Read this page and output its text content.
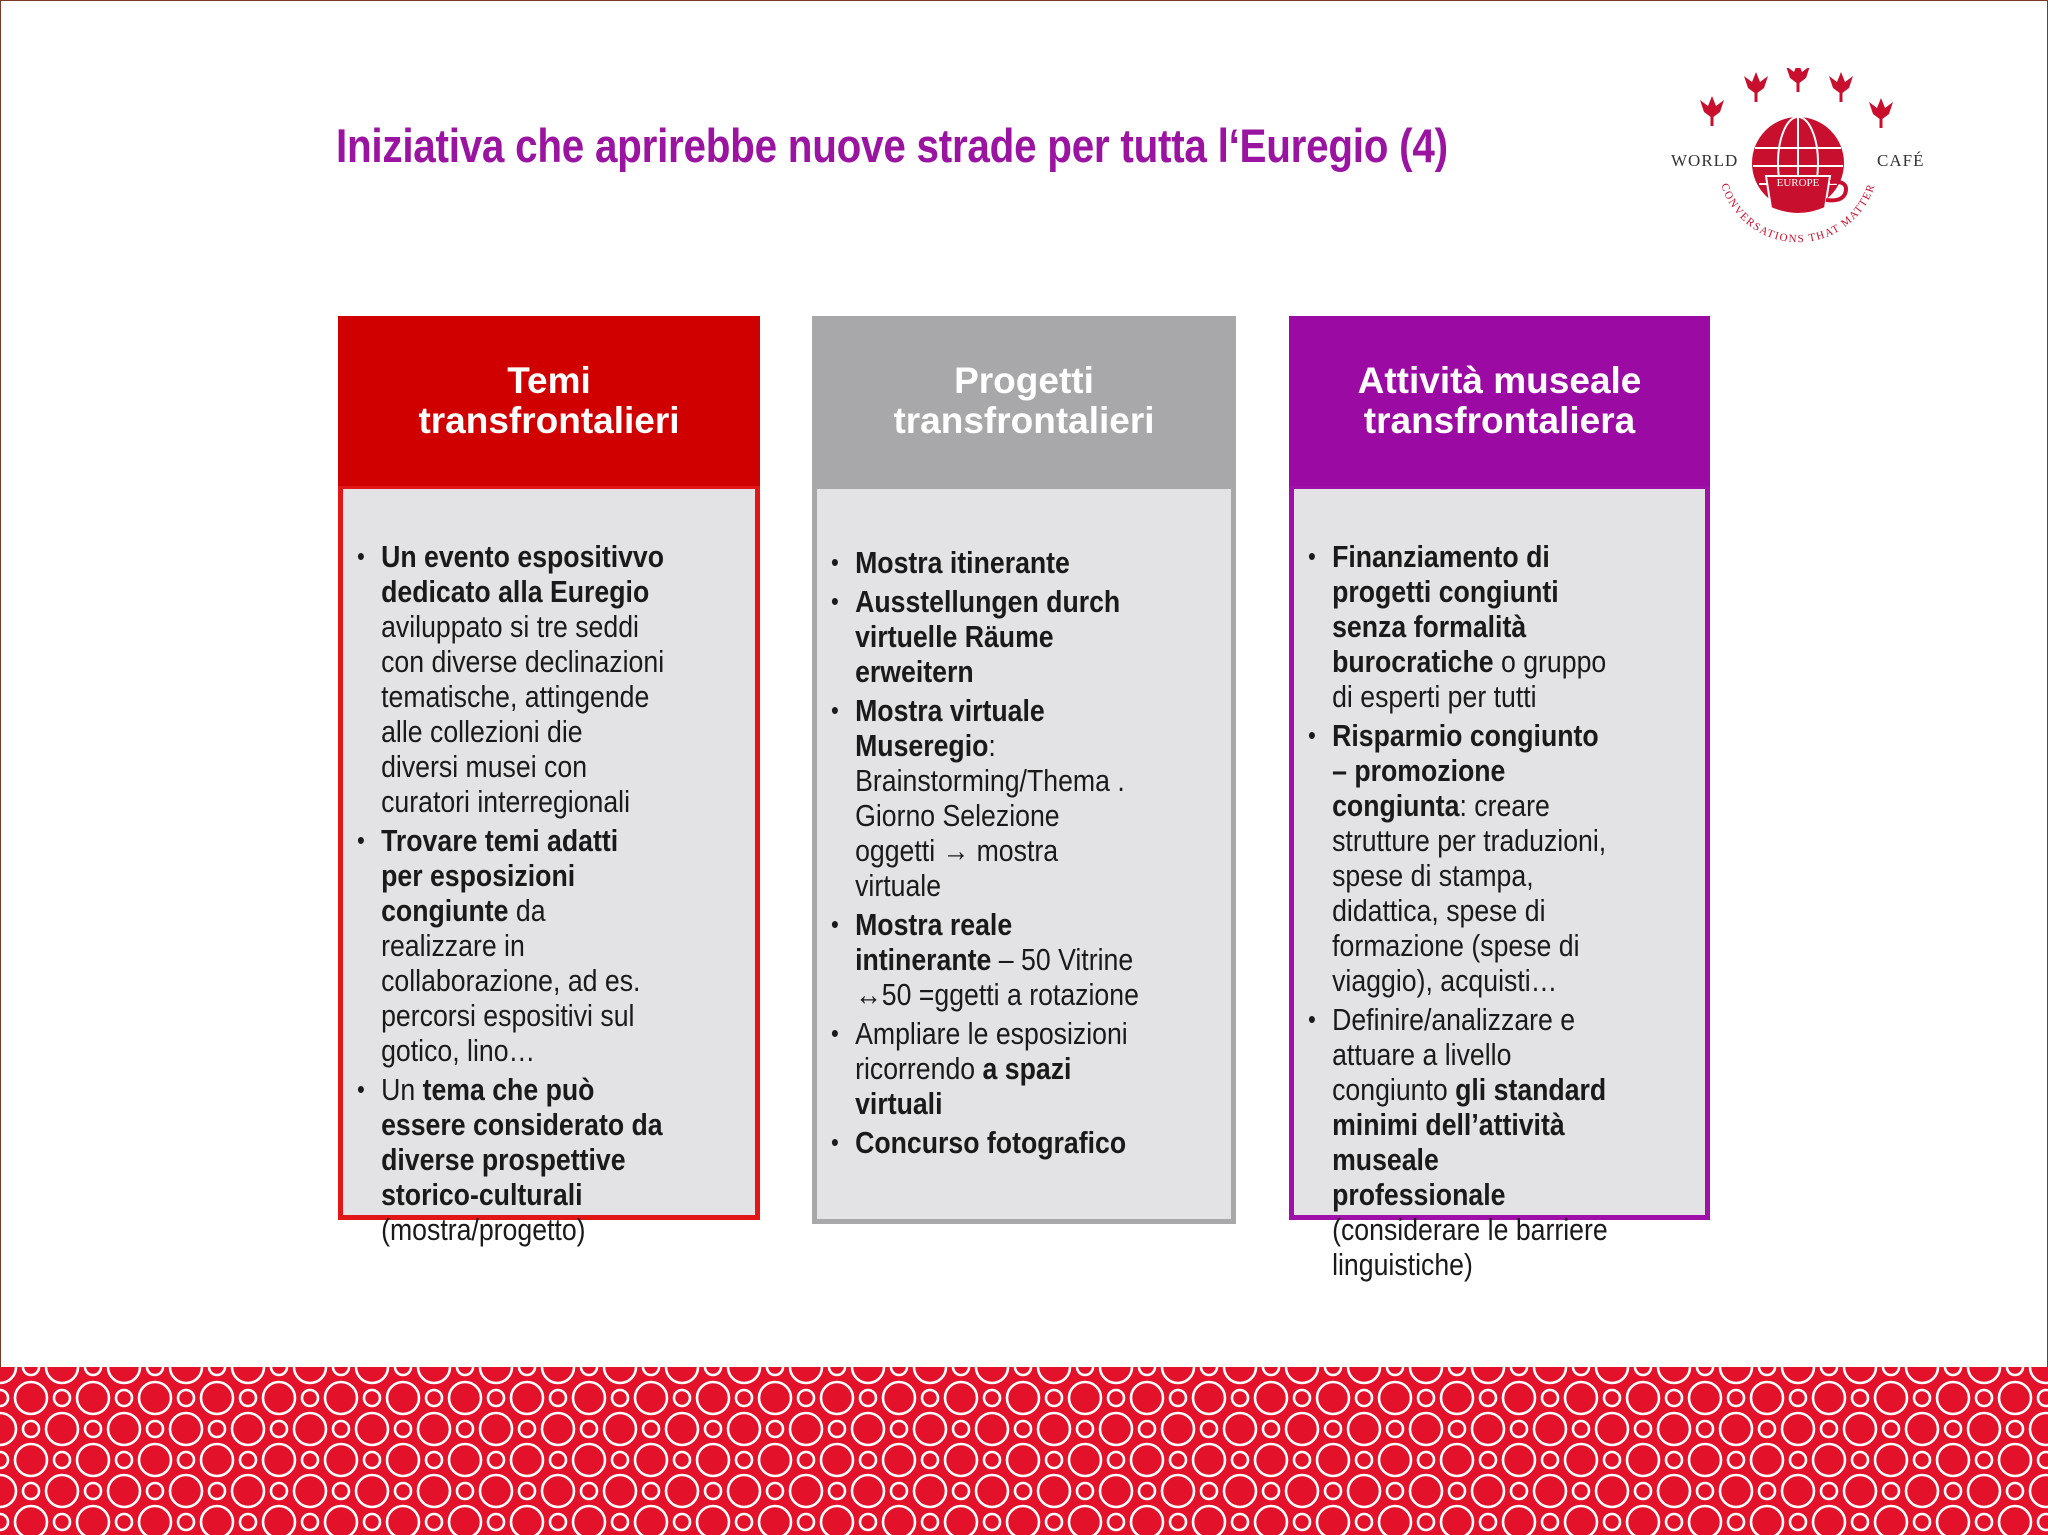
Iniziativa che aprirebbe nuove strade per tutta l‘Euregio (4)
EUROPE
WORLD	CAFÉ
CONVERSATIONS THAT MATTER
Temi
transfrontalieri
• Un evento espositivvo dedicato alla Euregio aviluppato si tre seddi con diverse declinazioni tematische, attingende alle collezioni die diversi musei con curatori interregionali
• Trovare temi adatti per esposizioni congiunte da realizzare in collaborazione, ad es. percorsi espositivi sul gotico, lino…
• Un tema che può essere considerato da diverse prospettive storico-culturali (mostra/progetto)
Progetti
transfrontalieri
• Mostra itinerante
• Ausstellungen durch virtuelle Räume erweitern
• Mostra virtuale Museregio: Brainstorming/Thema . Giorno Selezione oggetti → mostra virtuale
• Mostra reale intinerante – 50 Vitrine ↔50 =ggetti a rotazione
• Ampliare le esposizioni ricorrendo a spazi virtuali
• Concurso fotografico
Attività museale
transfrontaliera
• Finanziamento di progetti congiunti senza formalità burocratiche o gruppo di esperti per tutti
• Risparmio congiunto – promozione congiunta: creare strutture per traduzioni, spese di stampa, didattica, spese di formazione (spese di viaggio), acquisti…
• Definire/analizzare e attuare a livello congiunto gli standard minimi dell’attività museale professionale (considerare le barriere linguistiche)
